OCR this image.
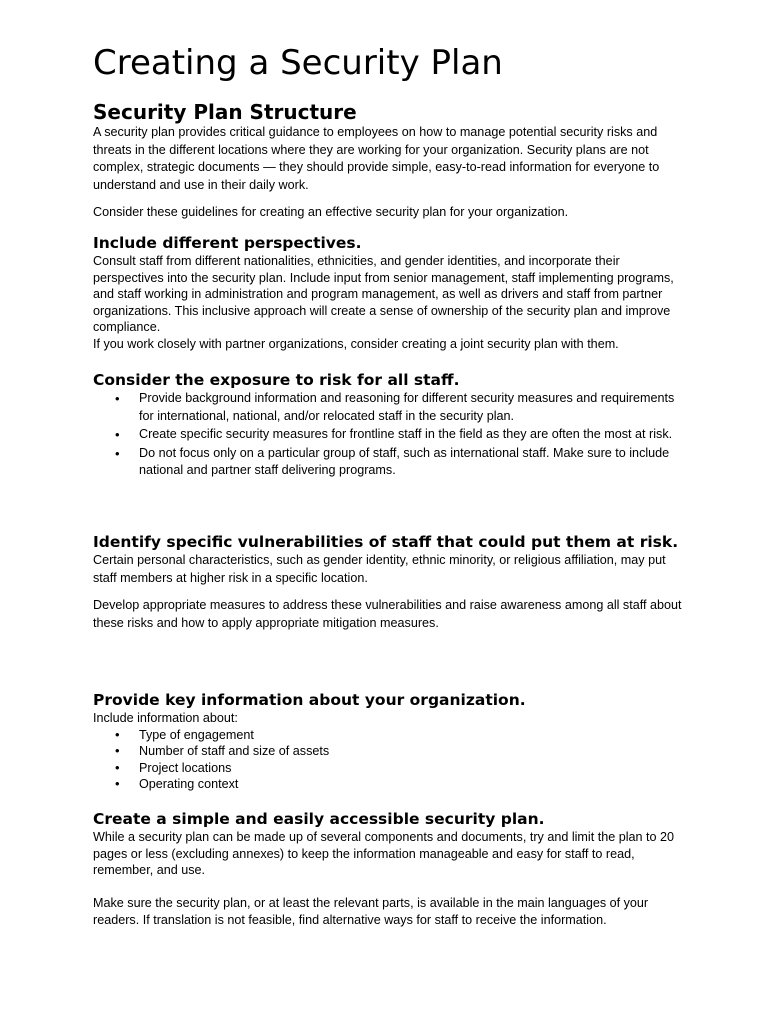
Creating a Security Plan
Security Plan Structure

A security plan provides critical guidance to employees on how to manage potential security risks and threats in the different locations where they are working for your organization. Security plans are not complex, strategic documents — they should provide simple, easy-to-read information for everyone to understand and use in their daily work.

Consider these guidelines for creating an effective security plan for your organization.

Include different perspectives.

Consult staff from different nationalities, ethnicities, and gender identities, and incorporate their perspectives into the security plan. Include input from senior management, staff implementing programs, and staff working in administration and program management, as well as drivers and staff from partner organizations. This inclusive approach will create a sense of ownership of the security plan and improve compliance.

If you work closely with partner organizations, consider creating a joint security plan with them.

Consider the exposure to risk for all staff.
• Provide background information and reasoning for different security measures and requirements for international, national, and/or relocated staff in the security plan.
• Create specific security measures for frontline staff in the field as they are often the most at risk.
• Do not focus only on a particular group of staff, such as international staff. Make sure to include national and partner staff delivering programs.
Identify specific vulnerabilities of staff that could put them at risk.

Certain personal characteristics, such as gender identity, ethnic minority, or religious affiliation, may put staff members at higher risk in a specific location.

Develop appropriate measures to address these vulnerabilities and raise awareness among all staff about these risks and how to apply appropriate mitigation measures.

Provide key information about your organization.

Include information about:

• Type of engagement
• Number of staff and size of assets
• Project locations
• Operating context
Create a simple and easily accessible security plan.

While a security plan can be made up of several components and documents, try and limit the plan to 20 pages or less (excluding annexes) to keep the information manageable and easy for staff to read, remember, and use.

Make sure the security plan, or at least the relevant parts, is available in the main languages of your readers. If translation is not feasible, find alternative ways for staff to receive the information.
